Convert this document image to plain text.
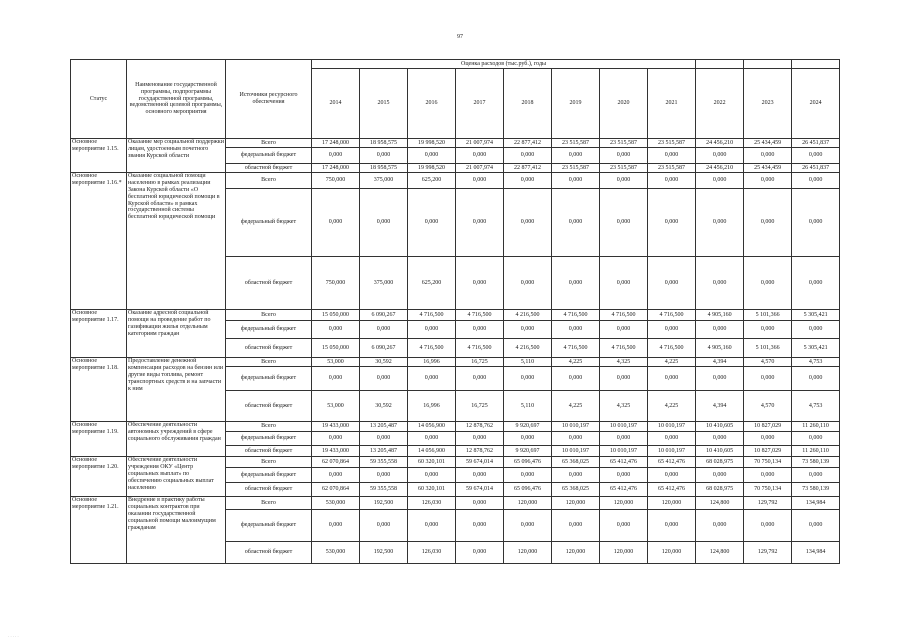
97
Статус	Наименование государственной программы, подпрограммы государственной программы, ведомственной целевой программы, основного мероприятия	Источники ресурсного обеспечения	Оценка расходов (тыс.руб.), годы										
			2014	2015	2016	2017	2018	2019	2020	2021	2022	2023	2024
Основное мероприятие 1.15.	Оказание мер социальной поддержки лицам, удостоенным почетного звания Курской области	Всего	17 248,000	18 958,575	19 998,520	21 007,974	22 877,412	23 515,587	23 515,587	23 515,587	24 456,210	25 434,459	26 451,837
		федеральный бюджет	0,000	0,000	0,000	0,000	0,000	0,000	0,000	0,000	0,000	0,000	0,000
		областной бюджет	17 248,000	18 958,575	19 998,520	21 007,974	22 877,412	23 515,587	23 515,587	23 515,587	24 456,210	25 434,459	26 451,837
Основное мероприятие 1.16.*	Оказание социальной помощи населению в рамках реализации Закона Курской области «О бесплатной юридической помощи в Курской области» в рамках государственной системы бесплатной юридической помощи	Всего	750,000	375,000	625,200	0,000	0,000	0,000	0,000	0,000	0,000	0,000	0,000
		федеральный бюджет	0,000	0,000	0,000	0,000	0,000	0,000	0,000	0,000	0,000	0,000	0,000
		областной бюджет	750,000	375,000	625,200	0,000	0,000	0,000	0,000	0,000	0,000	0,000	0,000
Основное мероприятие 1.17.	Оказание адресной социальной помощи на проведение работ по газификации жилья отдельным категориям граждан	Всего	15 050,000	6 090,267	4 716,500	4 716,500	4 216,500	4 716,500	4 716,500	4 716,500	4 905,160	5 101,366	5 305,421
		федеральный бюджет	0,000	0,000	0,000	0,000	0,000	0,000	0,000	0,000	0,000	0,000	0,000
		областной бюджет	15 050,000	6 090,267	4 716,500	4 716,500	4 216,500	4 716,500	4 716,500	4 716,500	4 905,160	5 101,366	5 305,421
Основное мероприятие 1.18.	Предоставление денежной компенсации расходов на бензин или другие виды топлива, ремонт транспортных средств и на запчасти к ним	Всего	53,000	30,592	16,996	16,725	5,110	4,225	4,325	4,225	4,394	4,570	4,753
		федеральный бюджет	0,000	0,000	0,000	0,000	0,000	0,000	0,000	0,000	0,000	0,000	0,000
		областной бюджет	53,000	30,592	16,996	16,725	5,110	4,225	4,325	4,225	4,394	4,570	4,753
Основное мероприятие 1.19.	Обеспечение деятельности автономных учреждений в сфере социального обслуживания граждан	Всего	19 433,000	13 205,487	14 056,900	12 878,762	9 920,697	10 010,197	10 010,197	10 010,197	10 410,605	10 827,029	11 260,110
		федеральный бюджет	0,000	0,000	0,000	0,000	0,000	0,000	0,000	0,000	0,000	0,000	0,000
		областной бюджет	19 433,000	13 205,487	14 056,900	12 878,762	9 920,697	10 010,197	10 010,197	10 010,197	10 410,605	10 827,029	11 260,110
Основное мероприятие 1.20.	Обеспечение деятельности учреждения ОКУ «Центр социальных выплат» по обеспечению социальных выплат населению	Всего	62 070,864	59 355,558	60 320,101	59 674,014	65 096,476	65 368,025	65 412,476	65 412,476	68 028,975	70 750,134	73 580,139
		федеральный бюджет	0,000	0,000	0,000	0,000	0,000	0,000	0,000	0,000	0,000	0,000	0,000
		областной бюджет	62 070,864	59 355,558	60 320,101	59 674,014	65 096,476	65 368,025	65 412,476	65 412,476	68 028,975	70 750,134	73 580,139
Основное мероприятие 1.21.	Внедрение в практику работы социальных контрактов при оказании государственной социальной помощи малоимущим гражданам	Всего	530,000	192,500	126,030	0,000	120,000	120,000	120,000	120,000	124,800	129,792	134,984
		федеральный бюджет	0,000	0,000	0,000	0,000	0,000	0,000	0,000	0,000	0,000	0,000	0,000
		областной бюджет	530,000	192,500	126,030	0,000	120,000	120,000	120,000	120,000	124,800	129,792	134,984
· · · · ·
